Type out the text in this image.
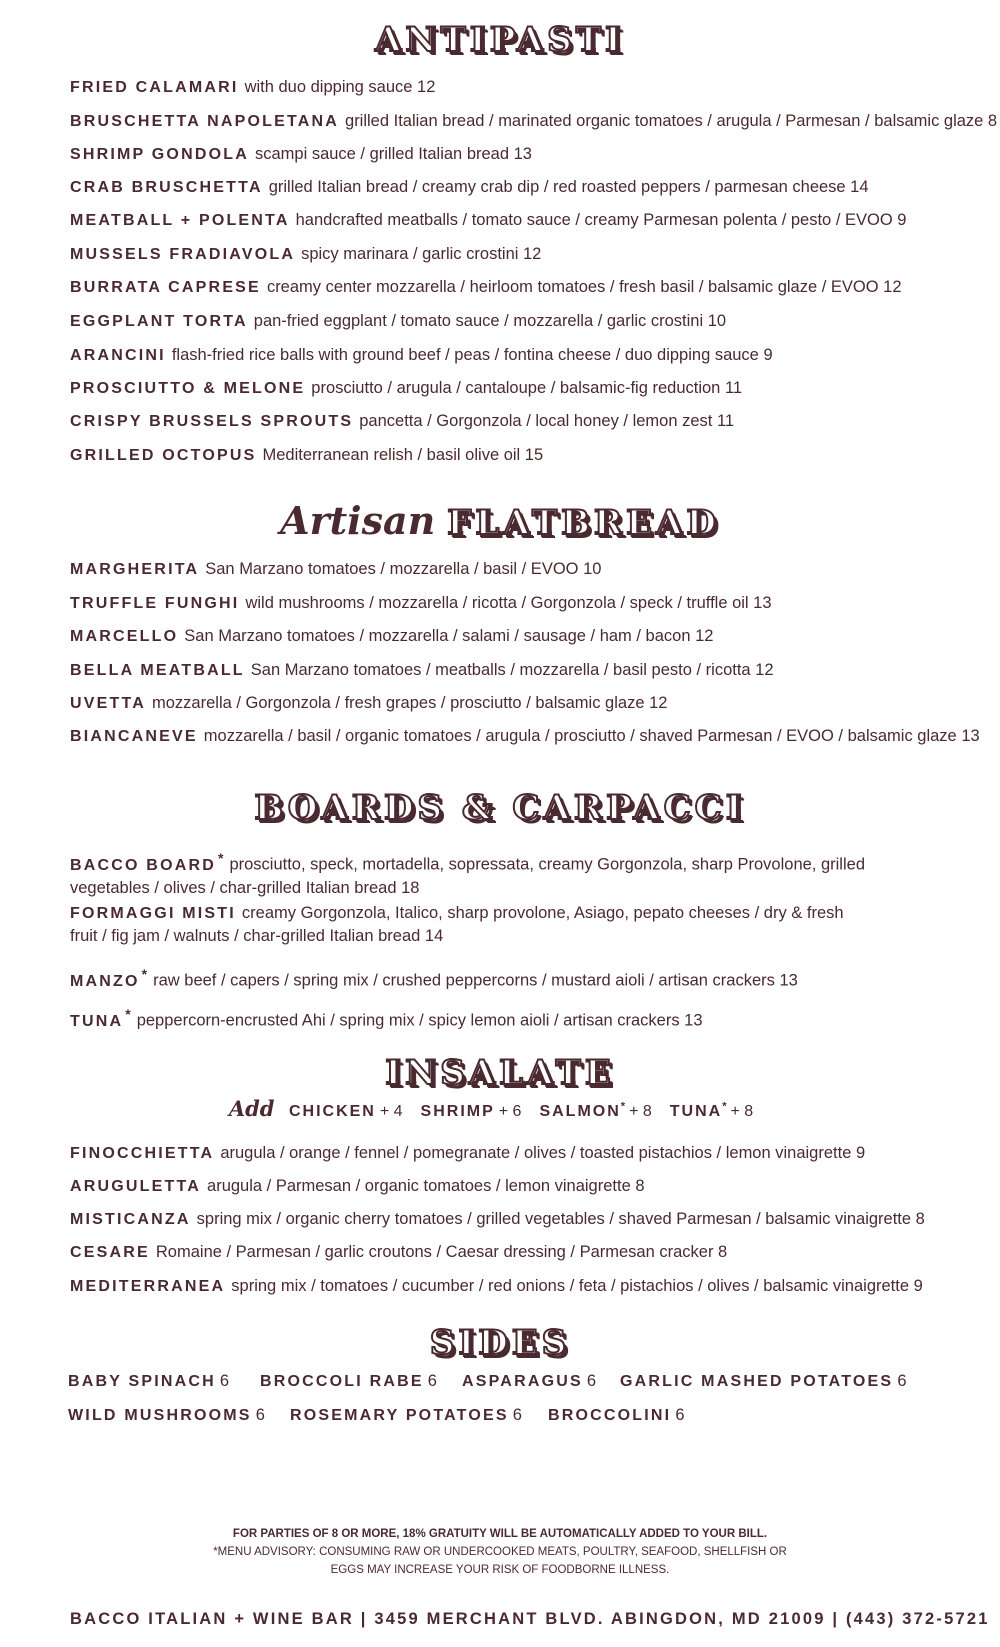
ANTIPASTI
FRIED CALAMARI with duo dipping sauce 12
BRUSCHETTA NAPOLETANA grilled Italian bread / marinated organic tomatoes / arugula / Parmesan / balsamic glaze 8
SHRIMP GONDOLA scampi sauce / grilled Italian bread 13
CRAB BRUSCHETTA grilled Italian bread / creamy crab dip / red roasted peppers / parmesan cheese 14
MEATBALL + POLENTA handcrafted meatballs / tomato sauce / creamy Parmesan polenta / pesto / EVOO 9
MUSSELS FRADIAVOLA spicy marinara / garlic crostini 12
BURRATA CAPRESE creamy center mozzarella / heirloom tomatoes / fresh basil / balsamic glaze / EVOO 12
EGGPLANT TORTA pan-fried eggplant / tomato sauce / mozzarella / garlic crostini 10
ARANCINI flash-fried rice balls with ground beef / peas / fontina cheese / duo dipping sauce 9
PROSCIUTTO & MELONE prosciutto / arugula / cantaloupe / balsamic-fig reduction 11
CRISPY BRUSSELS SPROUTS pancetta / Gorgonzola / local honey / lemon zest 11
GRILLED OCTOPUS Mediterranean relish / basil olive oil 15
Artisan FLATBREAD
MARGHERITA San Marzano tomatoes / mozzarella / basil / EVOO 10
TRUFFLE FUNGHI wild mushrooms / mozzarella / ricotta / Gorgonzola / speck / truffle oil 13
MARCELLO San Marzano tomatoes / mozzarella / salami / sausage / ham / bacon 12
BELLA MEATBALL San Marzano tomatoes / meatballs / mozzarella / basil pesto / ricotta 12
UVETTA mozzarella / Gorgonzola / fresh grapes / prosciutto / balsamic glaze 12
BIANCANEVE mozzarella / basil / organic tomatoes / arugula / prosciutto / shaved Parmesan / EVOO / balsamic glaze 13
BOARDS & CARPACCI
BACCO BOARD * prosciutto, speck, mortadella, sopressata, creamy Gorgonzola, sharp Provolone, grilled vegetables / olives / char-grilled Italian bread 18
FORMAGGI MISTI creamy Gorgonzola, Italico, sharp provolone, Asiago, pepato cheeses / dry & fresh fruit / fig jam / walnuts / char-grilled Italian bread 14
MANZO * raw beef / capers / spring mix / crushed peppercorns / mustard aioli / artisan crackers 13
TUNA * peppercorn-encrusted Ahi / spring mix / spicy lemon aioli / artisan crackers 13
INSALATE
Add CHICKEN + 4 SHRIMP + 6 SALMON* + 8 TUNA* + 8
FINOCCHIETTA arugula / orange / fennel / pomegranate / olives / toasted pistachios / lemon vinaigrette 9
ARUGULETTA arugula / Parmesan / organic tomatoes / lemon vinaigrette 8
MISTICANZA spring mix / organic cherry tomatoes / grilled vegetables / shaved Parmesan / balsamic vinaigrette 8
CESARE Romaine / Parmesan / garlic croutons / Caesar dressing / Parmesan cracker 8
MEDITERRANEA spring mix / tomatoes / cucumber / red onions / feta / pistachios / olives / balsamic vinaigrette 9
SIDES
BABY SPINACH 6 BROCCOLI RABE 6 ASPARAGUS 6 GARLIC MASHED POTATOES 6
WILD MUSHROOMS 6 ROSEMARY POTATOES 6 BROCCOLINI 6
FOR PARTIES OF 8 OR MORE, 18% GRATUITY WILL BE AUTOMATICALLY ADDED TO YOUR BILL.
*MENU ADVISORY: CONSUMING RAW OR UNDERCOOKED MEATS, POULTRY, SEAFOOD, SHELLFISH OR
EGGS MAY INCREASE YOUR RISK OF FOODBORNE ILLNESS.
BACCO ITALIAN + WINE BAR | 3459 MERCHANT BLVD. ABINGDON, MD 21009 | (443) 372-5721
